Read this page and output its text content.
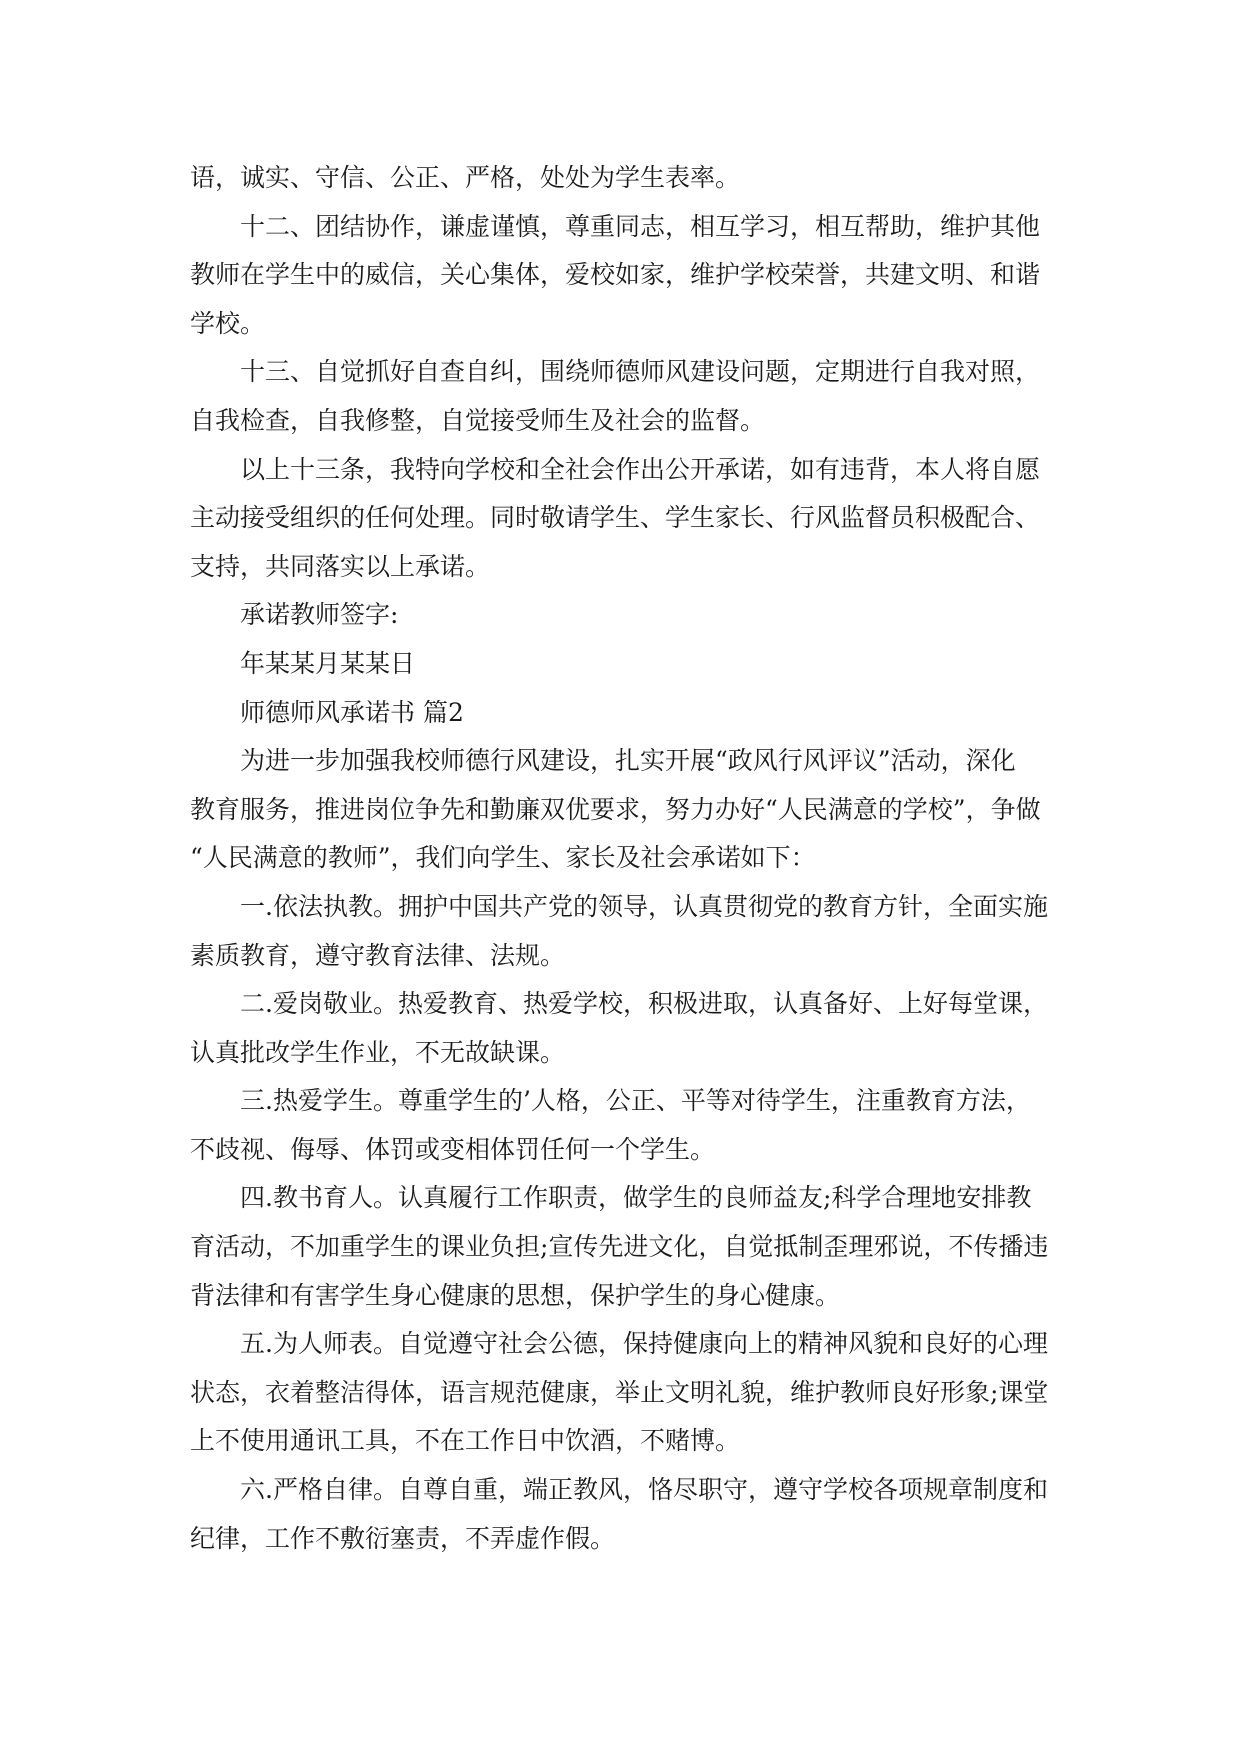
语，诚实、守信、公正、严格，处处为学生表率。
十二、团结协作，谦虚谨慎，尊重同志，相互学习，相互帮助，维护其他
教师在学生中的威信，关心集体，爱校如家，维护学校荣誉，共建文明、和谐
学校。
十三、自觉抓好自查自纠，围绕师德师风建设问题，定期进行自我对照，
自我检查，自我修整，自觉接受师生及社会的监督。
以上十三条，我特向学校和全社会作出公开承诺，如有违背，本人将自愿
主动接受组织的任何处理。同时敬请学生、学生家长、行风监督员积极配合、
支持，共同落实以上承诺。
承诺教师签字:
年某某月某某日
师德师风承诺书 篇2
为进一步加强我校师德行风建设，扎实开展“政风行风评议”活动，深化
教育服务，推进岗位争先和勤廉双优要求，努力办好“人民满意的学校”，争做
“人民满意的教师”，我们向学生、家长及社会承诺如下：
一.依法执教。拥护中国共产党的领导，认真贯彻党的教育方针，全面实施
素质教育，遵守教育法律、法规。
二.爱岗敬业。热爱教育、热爱学校，积极进取，认真备好、上好每堂课，
认真批改学生作业，不无故缺课。
三.热爱学生。尊重学生的’人格，公正、平等对待学生，注重教育方法，
不歧视、侮辱、体罚或变相体罚任何一个学生。
四.教书育人。认真履行工作职责，做学生的良师益友;科学合理地安排教
育活动，不加重学生的课业负担;宣传先进文化，自觉抵制歪理邪说，不传播违
背法律和有害学生身心健康的思想，保护学生的身心健康。
五.为人师表。自觉遵守社会公德，保持健康向上的精神风貌和良好的心理
状态，衣着整洁得体，语言规范健康，举止文明礼貌，维护教师良好形象;课堂
上不使用通讯工具，不在工作日中饮酒，不赌博。
六.严格自律。自尊自重，端正教风，恪尽职守，遵守学校各项规章制度和
纪律，工作不敷衍塞责，不弄虚作假。
